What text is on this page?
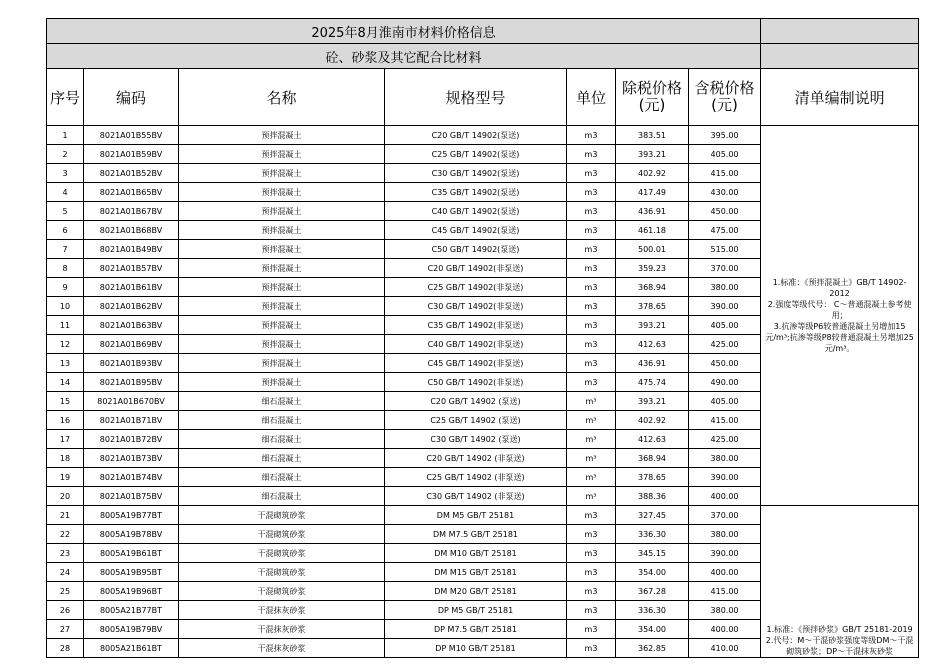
2025年8月淮南市材料价格信息							
砼、砂浆及其它配合比材料							
序号	编码	名称	规格型号	单位	除税价格(元)	含税价格(元)	清单编制说明
1	8021A01B55BV	预拌混凝土	C20 GB/T 14902(泵送)	m3	383.51	395.00	1.标准：《预拌混凝土》GB/T 14902-2012
2.强度等级代号： C～普通混凝土参考使用；
3.抗渗等级P6较普通混凝土另增加15元/m³;抗渗等级P8较普通混凝土另增加25元/m³。

2	8021A01B59BV	预拌混凝土	C25 GB/T 14902(泵送)	m3	393.21	405.00	
3	8021A01B52BV	预拌混凝土	C30 GB/T 14902(泵送)	m3	402.92	415.00	
4	8021A01B65BV	预拌混凝土	C35 GB/T 14902(泵送)	m3	417.49	430.00	
5	8021A01B67BV	预拌混凝土	C40 GB/T 14902(泵送)	m3	436.91	450.00	
6	8021A01B68BV	预拌混凝土	C45 GB/T 14902(泵送)	m3	461.18	475.00	
7	8021A01B49BV	预拌混凝土	C50 GB/T 14902(泵送)	m3	500.01	515.00	
8	8021A01B57BV	预拌混凝土	C20 GB/T 14902(非泵送)	m3	359.23	370.00	
9	8021A01B61BV	预拌混凝土	C25 GB/T 14902(非泵送)	m3	368.94	380.00	
10	8021A01B62BV	预拌混凝土	C30 GB/T 14902(非泵送)	m3	378.65	390.00	
11	8021A01B63BV	预拌混凝土	C35 GB/T 14902(非泵送)	m3	393.21	405.00	
12	8021A01B69BV	预拌混凝土	C40 GB/T 14902(非泵送)	m3	412.63	425.00	
13	8021A01B93BV	预拌混凝土	C45 GB/T 14902(非泵送)	m3	436.91	450.00	
14	8021A01B95BV	预拌混凝土	C50 GB/T 14902(非泵送)	m3	475.74	490.00	
15	8021A01B670BV	细石混凝土	C20 GB/T 14902 (泵送)	m³	393.21	405.00	
16	8021A01B71BV	细石混凝土	C25 GB/T 14902 (泵送)	m³	402.92	415.00	
17	8021A01B72BV	细石混凝土	C30 GB/T 14902 (泵送)	m³	412.63	425.00	
18	8021A01B73BV	细石混凝土	C20 GB/T 14902 (非泵送)	m³	368.94	380.00	
19	8021A01B74BV	细石混凝土	C25 GB/T 14902 (非泵送)	m³	378.65	390.00	
20	8021A01B75BV	细石混凝土	C30 GB/T 14902 (非泵送)	m³	388.36	400.00	
21	8005A19B77BT	干混砌筑砂浆	DM M5 GB/T 25181	m3	327.45	370.00	1.标准：《预拌砂浆》GB/T 25181-2019
2.代号：M～干混砂浆强度等级DM～干混砌筑砂浆；DP～干混抹灰砂浆

22	8005A19B78BV	干混砌筑砂浆	DM M7.5 GB/T 25181	m3	336.30	380.00	
23	8005A19B61BT	干混砌筑砂浆	DM M10 GB/T 25181	m3	345.15	390.00	
24	8005A19B95BT	干混砌筑砂浆	DM M15 GB/T 25181	m3	354.00	400.00	
25	8005A19B96BT	干混砌筑砂浆	DM M20 GB/T 25181	m3	367.28	415.00	
26	8005A21B77BT	干混抹灰砂浆	DP M5 GB/T 25181	m3	336.30	380.00	
27	8005A19B79BV	干混抹灰砂浆	DP M7.5 GB/T 25181	m3	354.00	400.00	
28	8005A21B61BT	干混抹灰砂浆	DP M10 GB/T 25181	m3	362.85	410.00	
